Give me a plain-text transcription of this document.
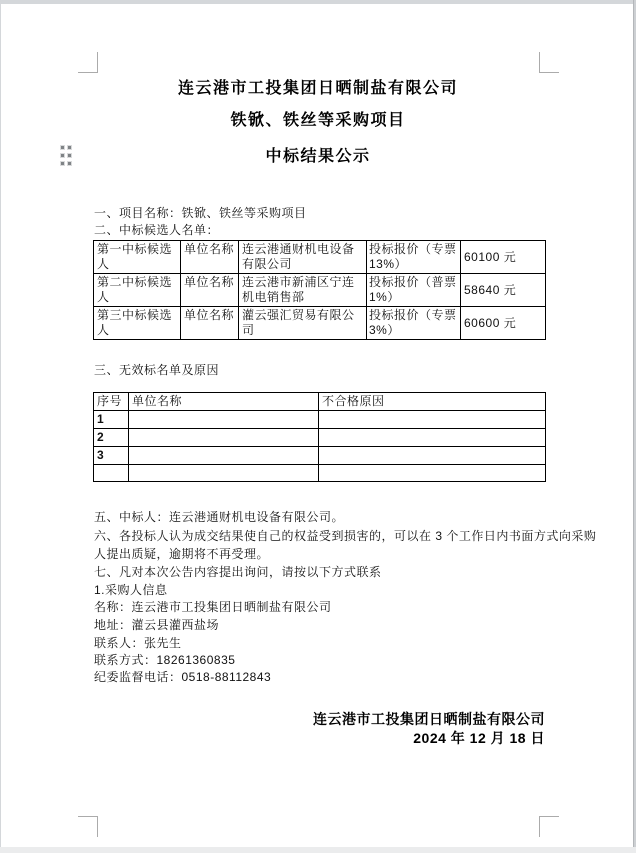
连云港市工投集团日晒制盐有限公司
铁锨、铁丝等采购项目
中标结果公示
一、项目名称：铁锨、铁丝等采购项目
二、中标候选人名单：
第一中标候选人	单位名称	连云港通财机电设备有限公司	投标报价（专票
13%）	60100 元
第二中标候选人	单位名称	连云港市新浦区宁连机电销售部	投标报价（普票
1%）	58640 元
第三中标候选人	单位名称	灌云强汇贸易有限公司	投标报价（专票
3%）	60600 元
三、无效标名单及原因
序号	单位名称	不合格原因
1		
2		
3		

五、中标人：连云港通财机电设备有限公司。
六、各投标人认为成交结果使自己的权益受到损害的，可以在 3 个工作日内书面方式向采购
人提出质疑，逾期将不再受理。
七、凡对本次公告内容提出询问，请按以下方式联系
1.采购人信息
名称：连云港市工投集团日晒制盐有限公司
地址：灌云县灌西盐场
联系人：张先生
联系方式：18261360835
纪委监督电话：0518-88112843
连云港市工投集团日晒制盐有限公司
2024 年 12 月 18 日
